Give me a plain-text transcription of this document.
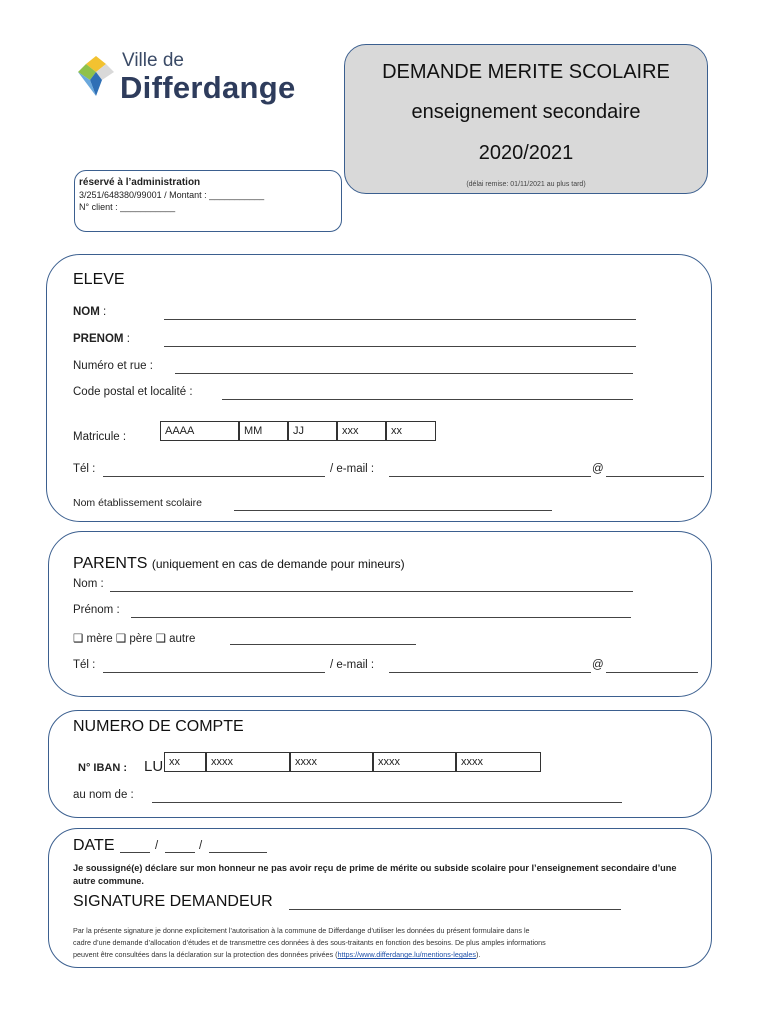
Ville de
Differdange	DEMANDE MERITE SCOLAIRE
enseignement secondaire
2020/2021
(délai remise: 01/11/2021 au plus tard)
réservé à l’administration
3/251/648380/99001 / Montant : ___________
N° client : ___________
ELEVE
NOM :
PRENOM :
Numéro et rue :
Code postal et localité :
Matricule :	AAAA	MM	JJ	xxx	xx
Tél :	/ e-mail :	@
Nom établissement scolaire
PARENTS (uniquement en cas de demande pour mineurs)
Nom :
Prénom :
❑ mère ❑ père ❑ autre
Tél :	/ e-mail :	@
NUMERO DE COMPTE
N° IBAN : LU xx	xxxx	xxxx	xxxx	xxxx
au nom de :
DATE	/	/
Je soussigné(e) déclare sur mon honneur ne pas avoir reçu de prime de mérite ou subside scolaire pour l’enseignement secondaire d’une autre commune.
SIGNATURE DEMANDEUR
Par la présente signature je donne explicitement l’autorisation à la commune de Differdange d’utiliser les données du présent formulaire dans le
cadre d’une demande d’allocation d’études et de transmettre ces données à des sous-traitants en fonction des besoins. De plus amples informations
peuvent être consultées dans la déclaration sur la protection des données privées (https://www.differdange.lu/mentions-legales).
